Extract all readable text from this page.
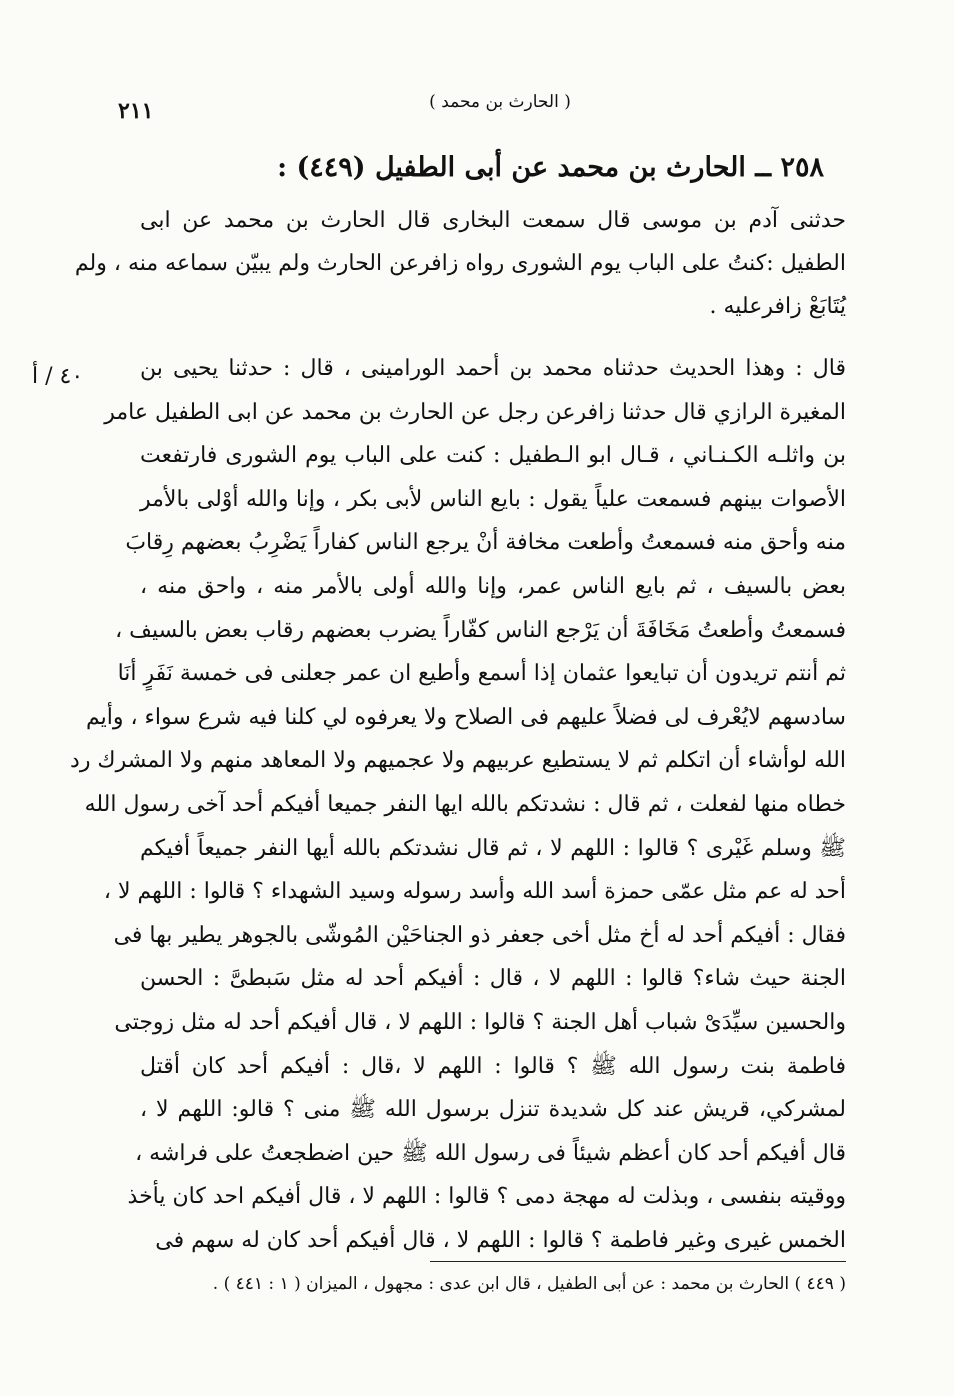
٢١١	( الحارث بن محمد )
٢٥٨ ــ الحارث بن محمد عن أبى الطفيل (٤٤٩) :
٤٠ / أ
حدثنى آدم بن موسى قال سمعت البخارى قال الحارث بن محمد عن ابى
الطفيل :كنتُ على الباب يوم الشورى رواه زافرعن الحارث ولم يبيّن سماعه منه ، ولم
يُتَابَعْ زافرعليه .
قال : وهذا الحديث حدثناه محمد بن أحمد الورامينى ، قال : حدثنا يحيى بن
المغيرة الرازي قال حدثنا زافرعن رجل عن الحارث بن محمد عن ابى الطفيل عامر
بن واثلـه الكـنـاني ، قـال ابو الـطفيل : كنت على الباب يوم الشورى فارتفعت
الأصوات بينهم فسمعت علياً يقول : بايع الناس لأبى بكر ، وإنا والله أوْلى بالأمر
منه وأحق منه فسمعتُ وأطعت مخافة أنْ يرجع الناس كفاراً يَضْرِبُ بعضهم رِقابَ
بعض بالسيف ، ثم بايع الناس عمر، وإنا والله أولى بالأمر منه ، واحق منه ،
فسمعتُ وأطعتُ مَخَافَةَ أن يَرْجع الناس كفّاراً يضرب بعضهم رقاب بعض بالسيف ،
ثم أنتم تريدون أن تبايعوا عثمان إذا أسمع وأطيع ان عمر جعلنى فى خمسة نَفَرٍ أنَا
سادسهم لايُعْرف لى فضلاً عليهم فى الصلاح ولا يعرفوه لي كلنا فيه شرع سواء ، وأيم
الله لوأشاء أن اتكلم ثم لا يستطيع عربيهم ولا عجميهم ولا المعاهد منهم ولا المشرك رد
خطاه منها لفعلت ، ثم قال : نشدتكم بالله ايها النفر جميعا أفيكم أحد آخى رسول الله
ﷺ وسلم غَيْرى ؟ قالوا : اللهم لا ، ثم قال نشدتكم بالله أيها النفر جميعاً أفيكم
أحد له عم مثل عمّى حمزة أسد الله وأسد رسوله وسيد الشهداء ؟ قالوا : اللهم لا ،
فقال : أفيكم أحد له أخ مثل أخى جعفر ذو الجناحَيْن المُوشّى بالجوهر يطير بها فى
الجنة حيث شاء؟ قالوا : اللهم لا ، قال : أفيكم أحد له مثل سَبطىَّ : الحسن
والحسين سيِّدَىْ شباب أهل الجنة ؟ قالوا : اللهم لا ، قال أفيكم أحد له مثل زوجتى
فاطمة بنت رسول الله ﷺ ؟ قالوا : اللهم لا ،قال : أفيكم أحد كان أقتل
لمشركي، قريش عند كل شديدة تنزل برسول الله ﷺ منى ؟ قالو: اللهم لا ،
قال أفيكم أحد كان أعظم شيئاً فى رسول الله ﷺ حين اضطجعتُ على فراشه ،
ووقيته بنفسى ، وبذلت له مهجة دمى ؟ قالوا : اللهم لا ، قال أفيكم احد كان يأخذ
الخمس غيرى وغير فاطمة ؟ قالوا : اللهم لا ، قال أفيكم أحد كان له سهم فى
( ٤٤٩ ) الحارث بن محمد : عن أبى الطفيل ، قال ابن عدى : مجهول ، الميزان ( ١ : ٤٤١ ) .
